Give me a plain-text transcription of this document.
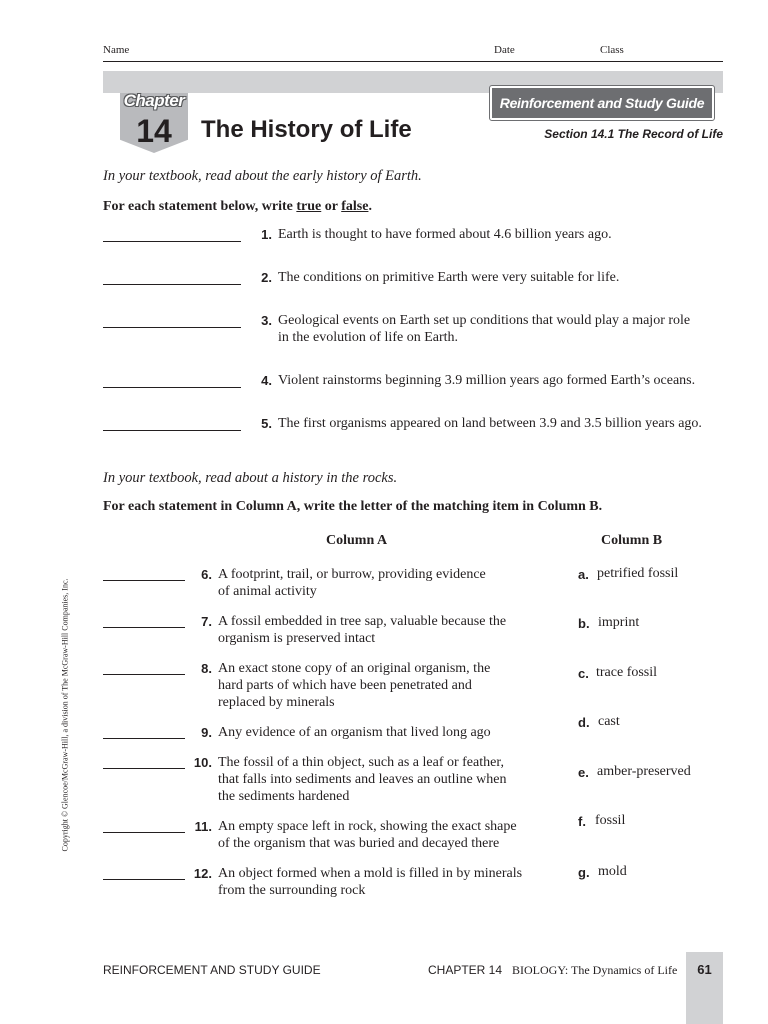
Name	Date	Class
Chapter
14	The History of Life
Reinforcement and Study Guide
Section 14.1 The Record of Life
In your textbook, read about the early history of Earth.
For each statement below, write true or false.
1. Earth is thought to have formed about 4.6 billion years ago.
2. The conditions on primitive Earth were very suitable for life.
3. Geological events on Earth set up conditions that would play a major role
in the evolution of life on Earth.
4. Violent rainstorms beginning 3.9 million years ago formed Earth’s oceans.
5. The first organisms appeared on land between 3.9 and 3.5 billion years ago.
In your textbook, read about a history in the rocks.
For each statement in Column A, write the letter of the matching item in Column B.
Column A	Column B
6. A footprint, trail, or burrow, providing evidence
of animal activity
7. A fossil embedded in tree sap, valuable because the
organism is preserved intact
8. An exact stone copy of an original organism, the
hard parts of which have been penetrated and
replaced by minerals
9. Any evidence of an organism that lived long ago
10. The fossil of a thin object, such as a leaf or feather,
that falls into sediments and leaves an outline when
the sediments hardened
11. An empty space left in rock, showing the exact shape
of the organism that was buried and decayed there
12. An object formed when a mold is filled in by minerals
from the surrounding rock
a. petrified fossil
b. imprint
c. trace fossil
d. cast
e. amber-preserved
f. fossil
g. mold
Copyright © Glencoe/McGraw-Hill, a division of The McGraw-Hill Companies, Inc.
REINFORCEMENT AND STUDY GUIDE	CHAPTER 14 BIOLOGY: The Dynamics of Life	61
